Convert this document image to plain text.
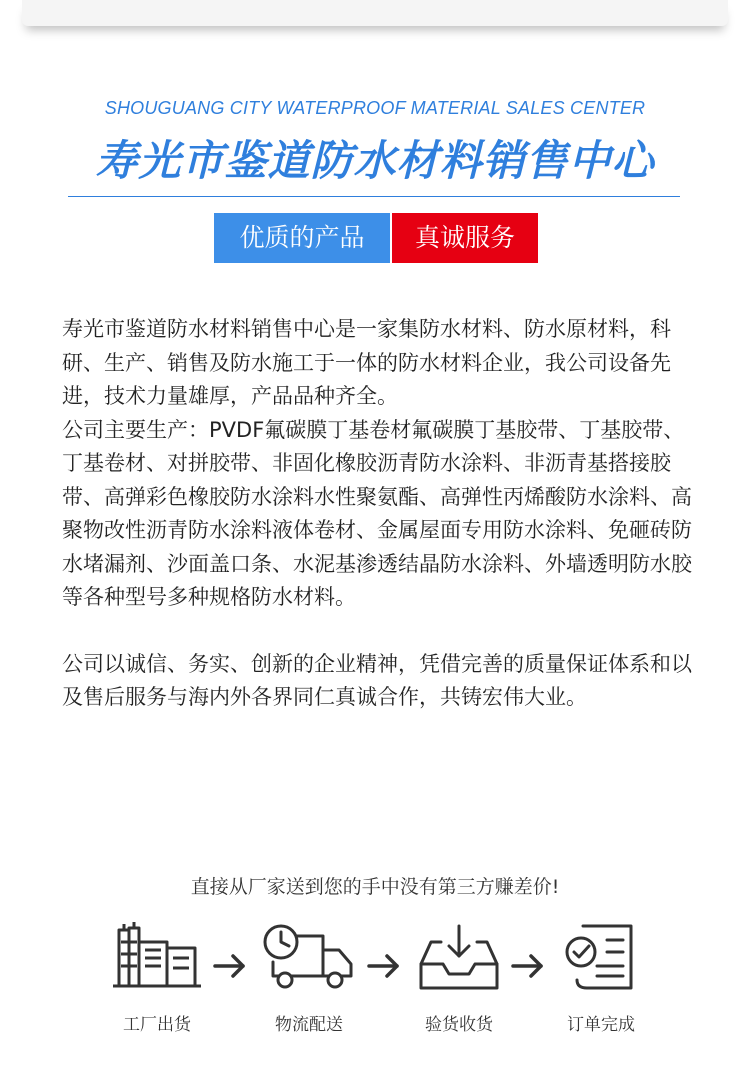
SHOUGUANG CITY WATERPROOF MATERIAL SALES CENTER
寿光市鉴道防水材料销售中心
优质的产品	真诚服务

寿光市鉴道防水材料销售中心是一家集防水材料、防水原材料，科研、生产、销售及防水施工于一体的防水材料企业，我公司设备先进，技术力量雄厚，产品品种齐全。

公司主要生产：PVDF氟碳膜丁基卷材氟碳膜丁基胶带、丁基胶带、丁基卷材、对拼胶带、非固化橡胶沥青防水涂料、非沥青基搭接胶带、高弹彩色橡胶防水涂料水性聚氨酯、高弹性丙烯酸防水涂料、高聚物改性沥青防水涂料液体卷材、金属屋面专用防水涂料、免砸砖防水堵漏剂、沙面盖口条、水泥基渗透结晶防水涂料、外墙透明防水胶等各种型号多种规格防水材料。

公司以诚信、务实、创新的企业精神，凭借完善的质量保证体系和以及售后服务与海内外各界同仁真诚合作，共铸宏伟大业。

直接从厂家送到您的手中没有第三方赚差价!
工厂出货	物流配送	验货收货	订单完成
